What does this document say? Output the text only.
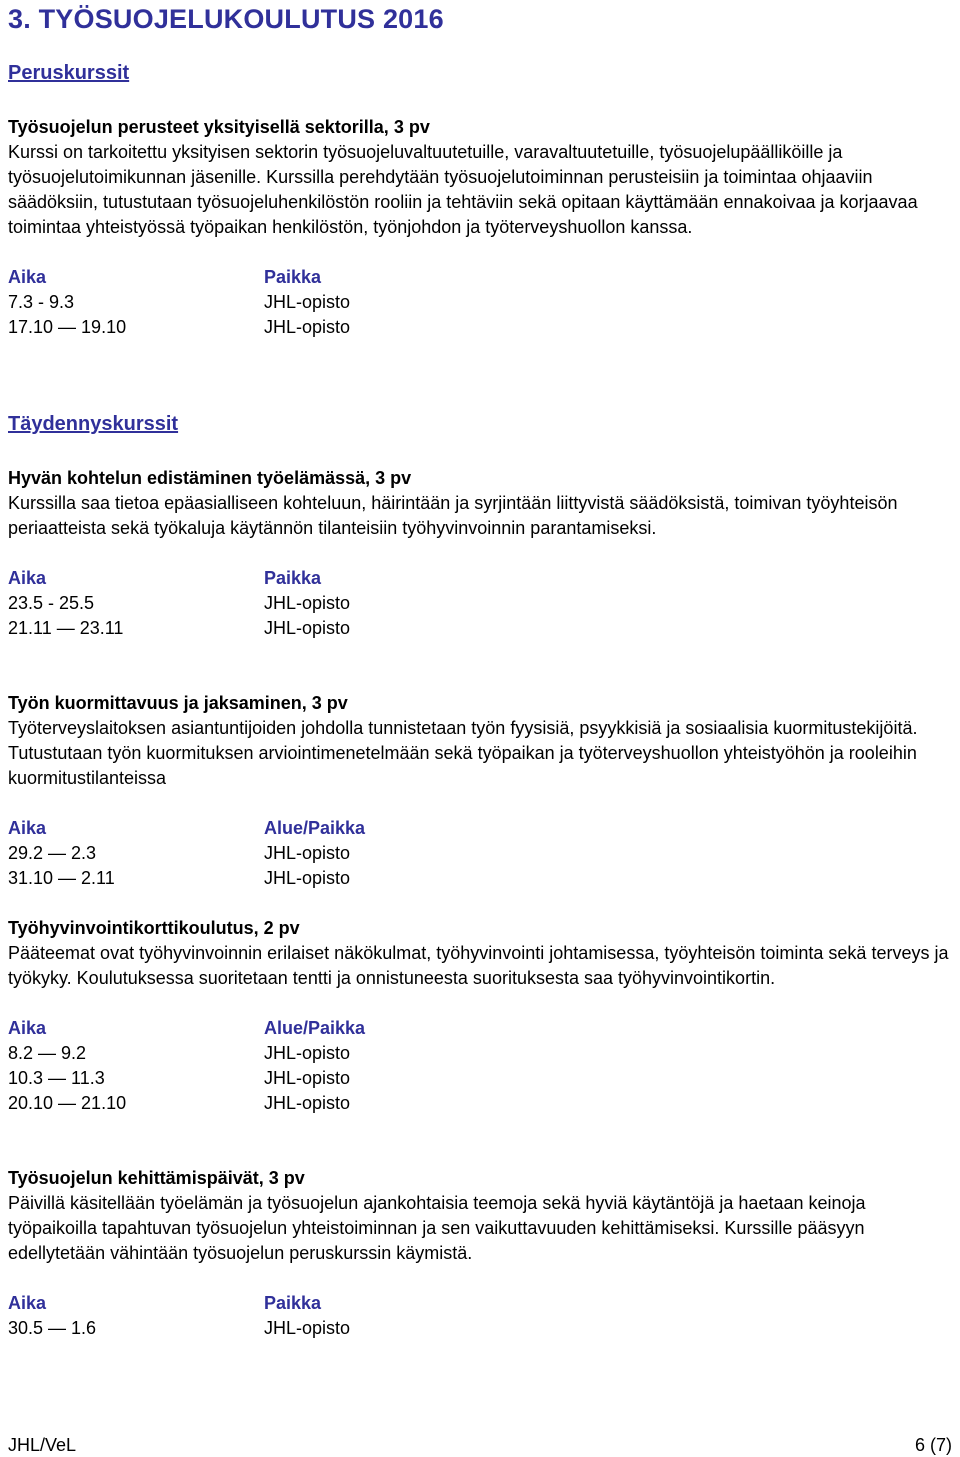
3. TYÖSUOJELUKOULUTUS 2016
Peruskurssit
Työsuojelun perusteet yksityisellä sektorilla, 3 pv

Kurssi on tarkoitettu yksityisen sektorin työsuojeluvaltuutetuille, varavaltuutetuille, työsuojelupäälliköille ja työsuojelutoimikunnan jäsenille. Kurssilla perehdytään työsuojelutoiminnan perusteisiin ja toimintaa ohjaaviin säädöksiin, tutustutaan työsuojeluhenkilöstön rooliin ja tehtäviin sekä opitaan käyttämään ennakoivaa ja korjaavaa toimintaa yhteistyössä työpaikan henkilöstön, työnjohdon ja työterveyshuollon kanssa.

Aika	Paikka
7.3 - 9.3	JHL-opisto
17.10 — 19.10	JHL-opisto
Täydennyskurssit
Hyvän kohtelun edistäminen työelämässä, 3 pv

Kurssilla saa tietoa epäasialliseen kohteluun, häirintään ja syrjintään liittyvistä säädöksistä, toimivan työyhteisön periaatteista sekä työkaluja käytännön tilanteisiin työhyvinvoinnin parantamiseksi.

Aika	Paikka
23.5 - 25.5	JHL-opisto
21.11 — 23.11	JHL-opisto
Työn kuormittavuus ja jaksaminen, 3 pv

Työterveyslaitoksen asiantuntijoiden johdolla tunnistetaan työn fyysisiä, psyykkisiä ja sosiaalisia kuormitustekijöitä. Tutustutaan työn kuormituksen arviointimenetelmään sekä työpaikan ja työterveyshuollon yhteistyöhön ja rooleihin kuormitustilanteissa

Aika	Alue/Paikka
29.2 — 2.3	JHL-opisto
31.10 — 2.11	JHL-opisto
Työhyvinvointikorttikoulutus, 2 pv

Pääteemat ovat työhyvinvoinnin erilaiset näkökulmat, työhyvinvointi johtamisessa, työyhteisön toiminta sekä terveys ja työkyky. Koulutuksessa suoritetaan tentti ja onnistuneesta suorituksesta saa työhyvinvointikortin.

Aika	Alue/Paikka
8.2 — 9.2	JHL-opisto
10.3 — 11.3	JHL-opisto
20.10 — 21.10	JHL-opisto
Työsuojelun kehittämispäivät, 3 pv

Päivillä käsitellään työelämän ja työsuojelun ajankohtaisia teemoja sekä hyviä käytäntöjä ja haetaan keinoja työpaikoilla tapahtuvan työsuojelun yhteistoiminnan ja sen vaikuttavuuden kehittämiseksi. Kurssille pääsyyn edellytetään vähintään työsuojelun peruskurssin käymistä.

Aika	Paikka
30.5 — 1.6	JHL-opisto
JHL/VeL	6 (7)
